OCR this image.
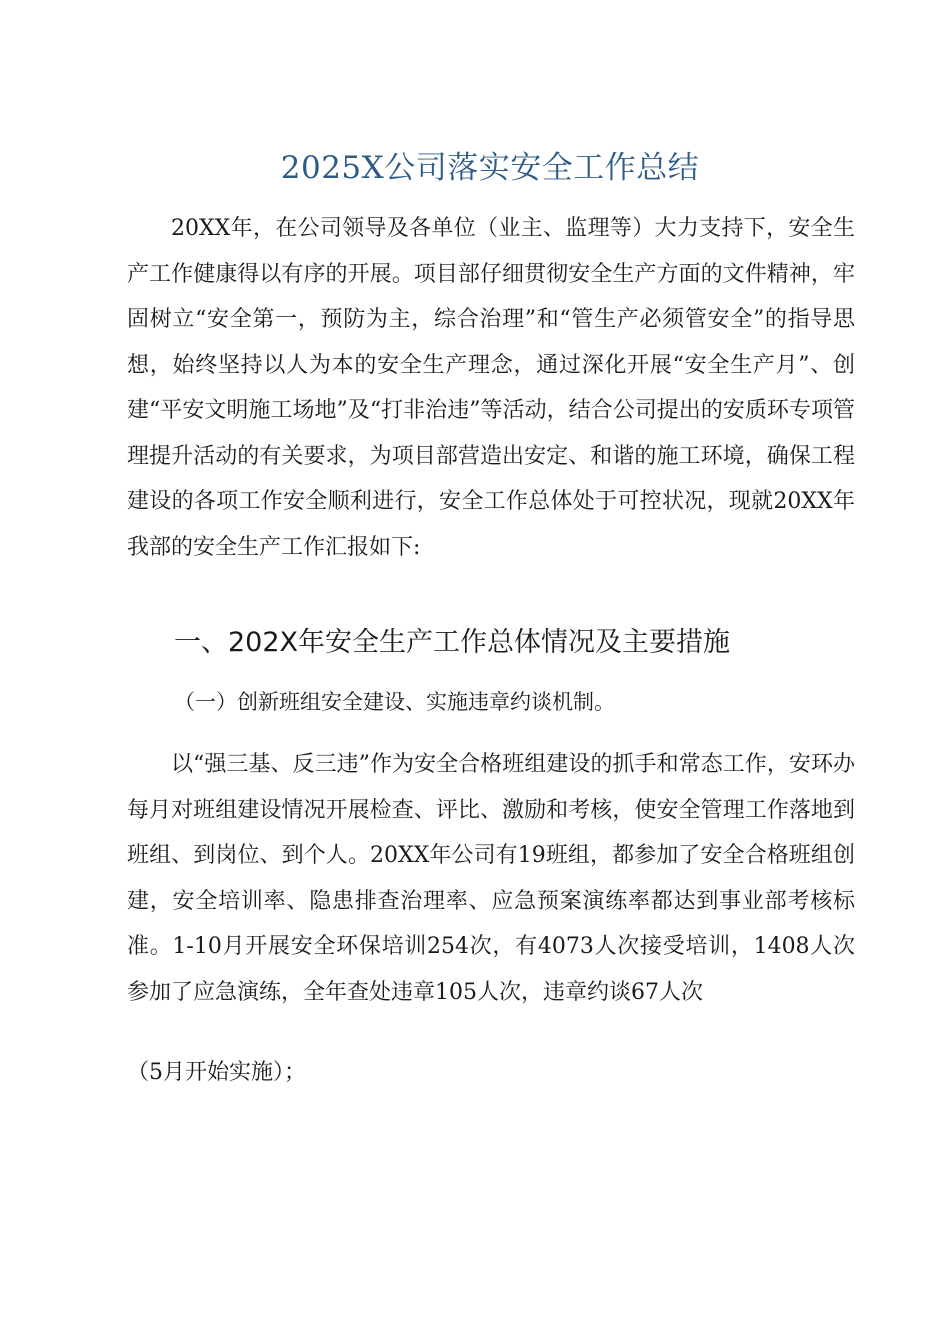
2025X公司落实安全工作总结
20XX年，在公司领导及各单位（业主、监理等）大力支持下，安全生产工作健康得以有序的开展。项目部仔细贯彻安全生产方面的文件精神，牢固树立“安全第一，预防为主，综合治理”和“管生产必须管安全”的指导思想，始终坚持以人为本的安全生产理念，通过深化开展“安全生产月”、创建“平安文明施工场地”及“打非治违”等活动，结合公司提出的安质环专项管理提升活动的有关要求，为项目部营造出安定、和谐的施工环境，确保工程建设的各项工作安全顺利进行，安全工作总体处于可控状况，现就20XX年我部的安全生产工作汇报如下:
一、202X年安全生产工作总体情况及主要措施
（一）创新班组安全建设、实施违章约谈机制。
以“强三基、反三违”作为安全合格班组建设的抓手和常态工作，安环办每月对班组建设情况开展检查、评比、激励和考核，使安全管理工作落地到班组、到岗位、到个人。20XX年公司有19班组，都参加了安全合格班组创建，安全培训率、隐患排查治理率、应急预案演练率都达到事业部考核标准。1-10月开展安全环保培训254次，有4073人次接受培训，1408人次参加了应急演练，全年查处违章105人次，违章约谈67人次
（5月开始实施）；
